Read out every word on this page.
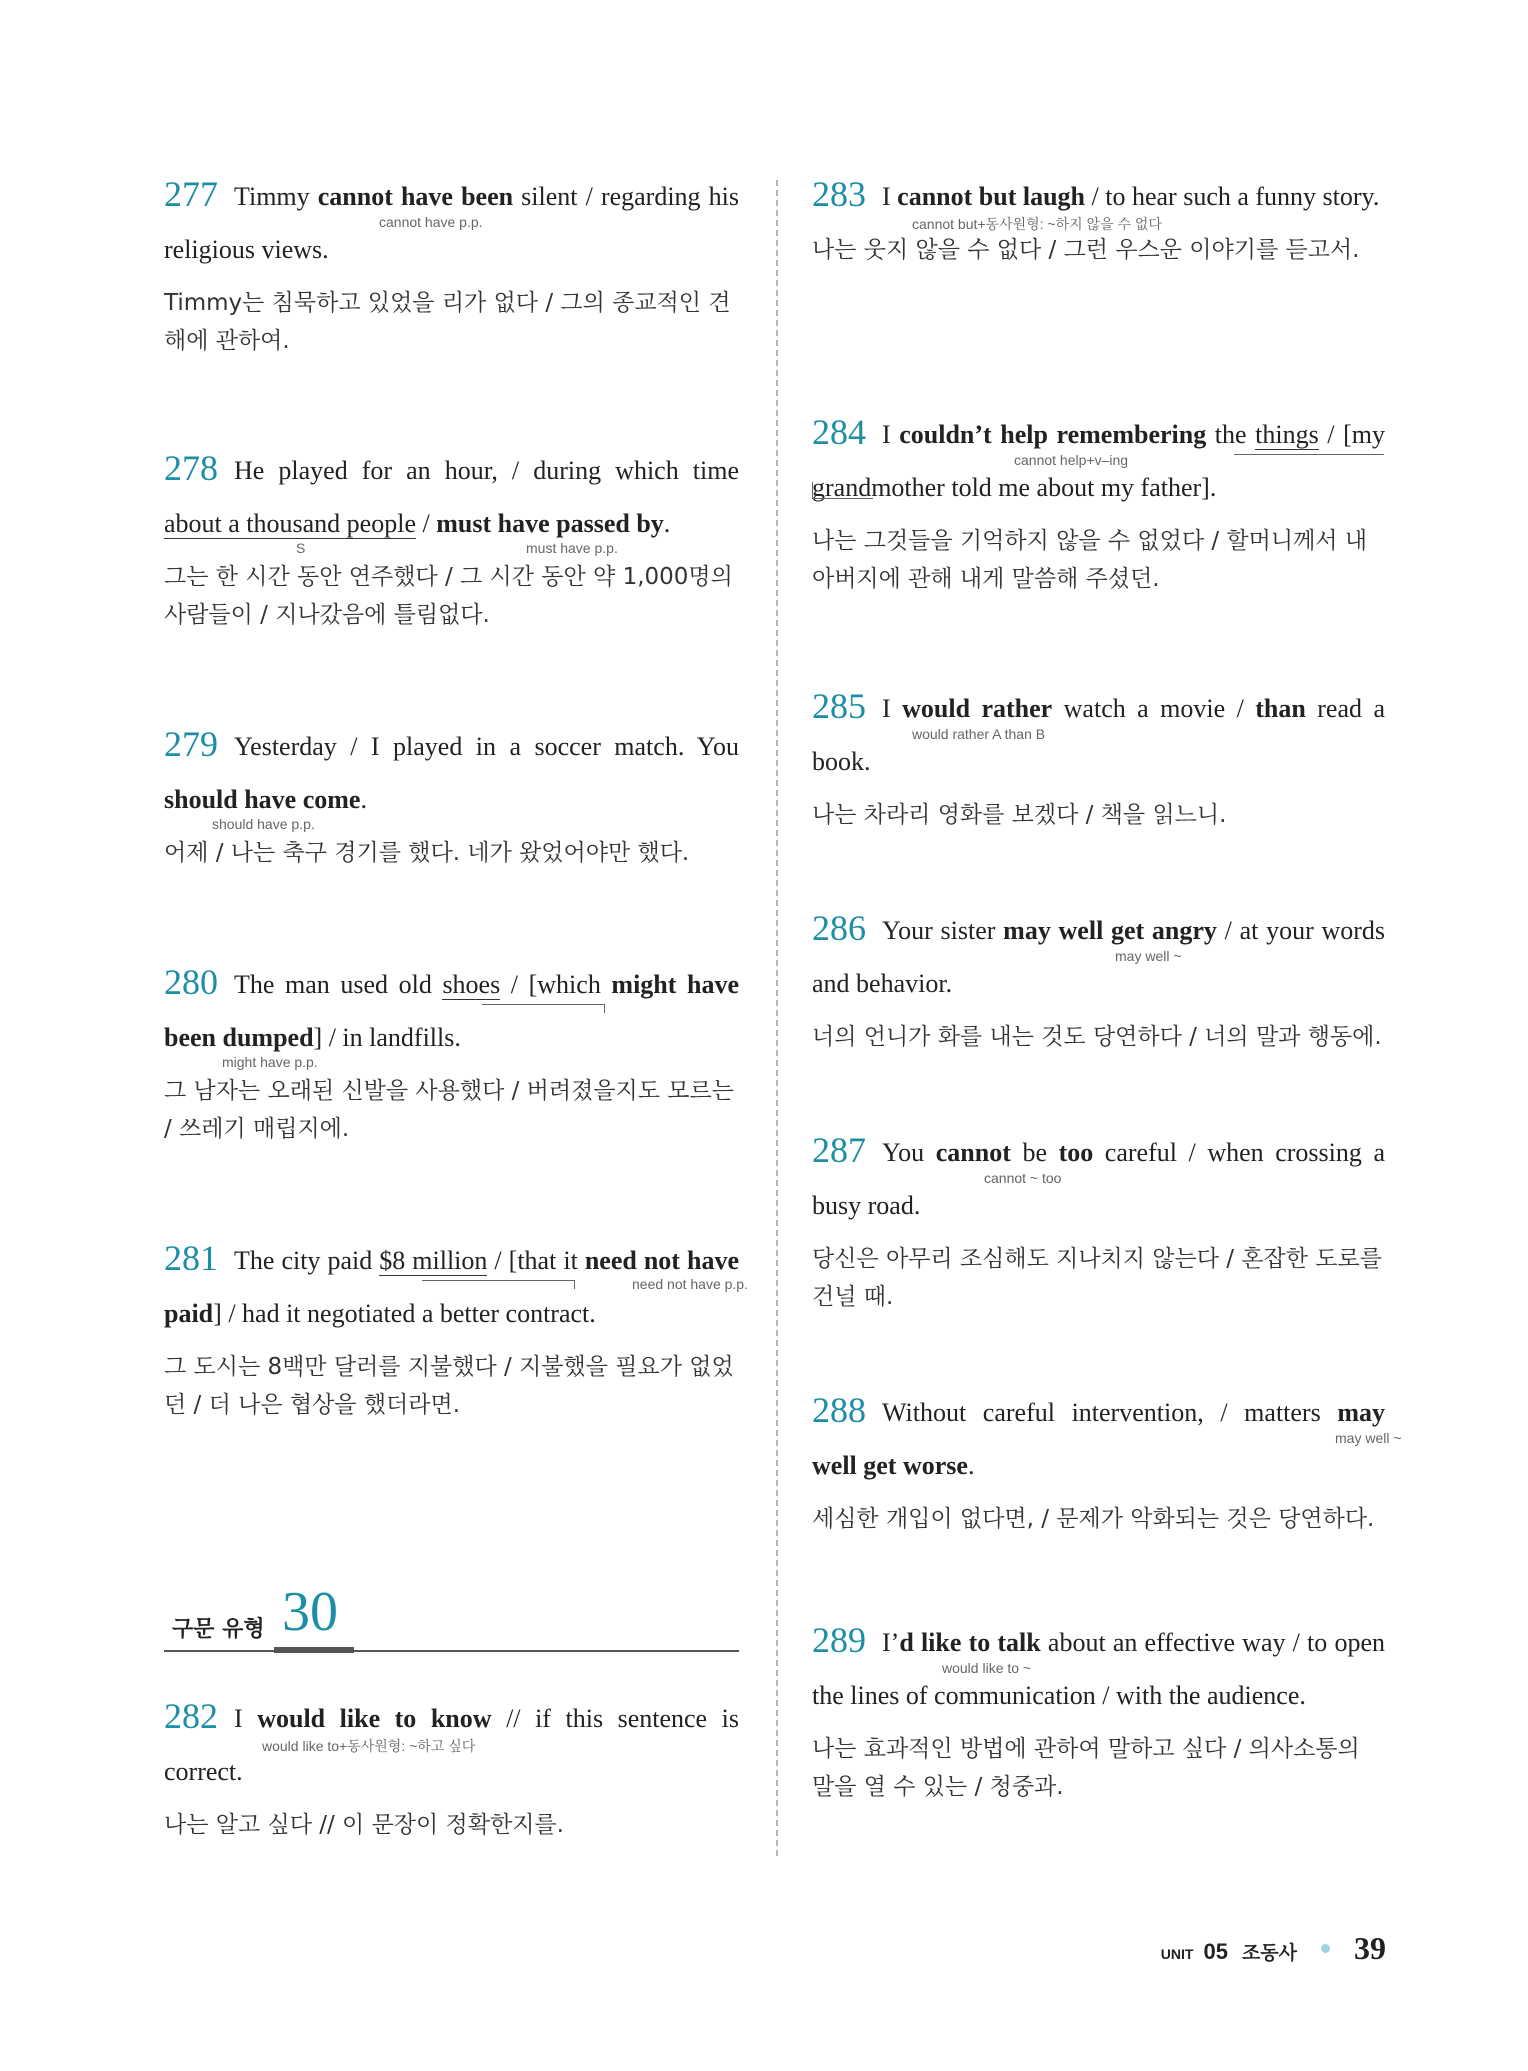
277 Timmy cannot have been silent / regarding his religious views.
cannot have p.p.
Timmy는 침묵하고 있었을 리가 없다 / 그의 종교적인 견해에 관하여.
278 He played for an hour, / during which time about a thousand people / must have passed by.
S	must have p.p.
그는 한 시간 동안 연주했다 / 그 시간 동안 약 1,000명의 사람들이 / 지나갔음에 틀림없다.
279 Yesterday / I played in a soccer match. You should have come.
should have p.p.
어제 / 나는 축구 경기를 했다. 네가 왔었어야만 했다.
280 The man used old shoes / [which might have been dumped] / in landfills.
might have p.p.
그 남자는 오래된 신발을 사용했다 / 버려졌을지도 모르는 / 쓰레기 매립지에.
281 The city paid $8 million / [that it need not have paid] / had it negotiated a better contract.
need not have p.p.
그 도시는 8백만 달러를 지불했다 / 지불했을 필요가 없었던 / 더 나은 협상을 했더라면.
구문 유형 30
282 I would like to know // if this sentence is correct.
would like to+동사원형: ~하고 싶다
나는 알고 싶다 // 이 문장이 정확한지를.
283 I cannot but laugh / to hear such a funny story.
cannot but+동사원형: ~하지 않을 수 없다
나는 웃지 않을 수 없다 / 그런 우스운 이야기를 듣고서.
284 I couldn’t help remembering the things / [my grandmother told me about my father].
cannot help+v–ing
나는 그것들을 기억하지 않을 수 없었다 / 할머니께서 내 아버지에 관해 내게 말씀해 주셨던.
285 I would rather watch a movie / than read a book.
would rather A than B
나는 차라리 영화를 보겠다 / 책을 읽느니.
286 Your sister may well get angry / at your words and behavior.
may well ~
너의 언니가 화를 내는 것도 당연하다 / 너의 말과 행동에.
287 You cannot be too careful / when crossing a busy road.
cannot ~ too
당신은 아무리 조심해도 지나치지 않는다 / 혼잡한 도로를 건널 때.
288 Without careful intervention, / matters may well get worse.
may well ~
세심한 개입이 없다면, / 문제가 악화되는 것은 당연하다.
289 I’d like to talk about an effective way / to open the lines of communication / with the audience.
would like to ~
나는 효과적인 방법에 관하여 말하고 싶다 / 의사소통의 말을 열 수 있는 / 청중과.
UNIT 05 조동사 39
